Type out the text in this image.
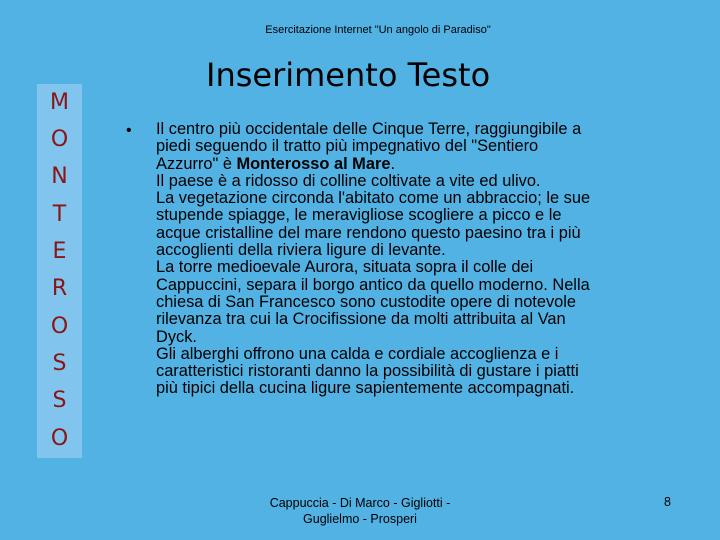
Esercitazione Internet "Un angolo di Paradiso"
M
O
N
T
E
R
O
S
S
O
Inserimento Testo
• Il centro più occidentale delle Cinque Terre, raggiungibile a
piedi seguendo il tratto più impegnativo del "Sentiero
Azzurro" è Monterosso al Mare.
Il paese è a ridosso di colline coltivate a vite ed ulivo.
La vegetazione circonda l'abitato come un abbraccio; le sue
stupende spiagge, le meravigliose scogliere a picco e le
acque cristalline del mare rendono questo paesino tra i più
accoglienti della riviera ligure di levante.
La torre medioevale Aurora, situata sopra il colle dei
Cappuccini, separa il borgo antico da quello moderno. Nella
chiesa di San Francesco sono custodite opere di notevole
rilevanza tra cui la Crocifissione da molti attribuita al Van
Dyck.
Gli alberghi offrono una calda e cordiale accoglienza e i
caratteristici ristoranti danno la possibilità di gustare i piatti
più tipici della cucina ligure sapientemente accompagnati.
Cappuccia - Di Marco - Gigliotti -
Guglielmo - Prosperi
8
